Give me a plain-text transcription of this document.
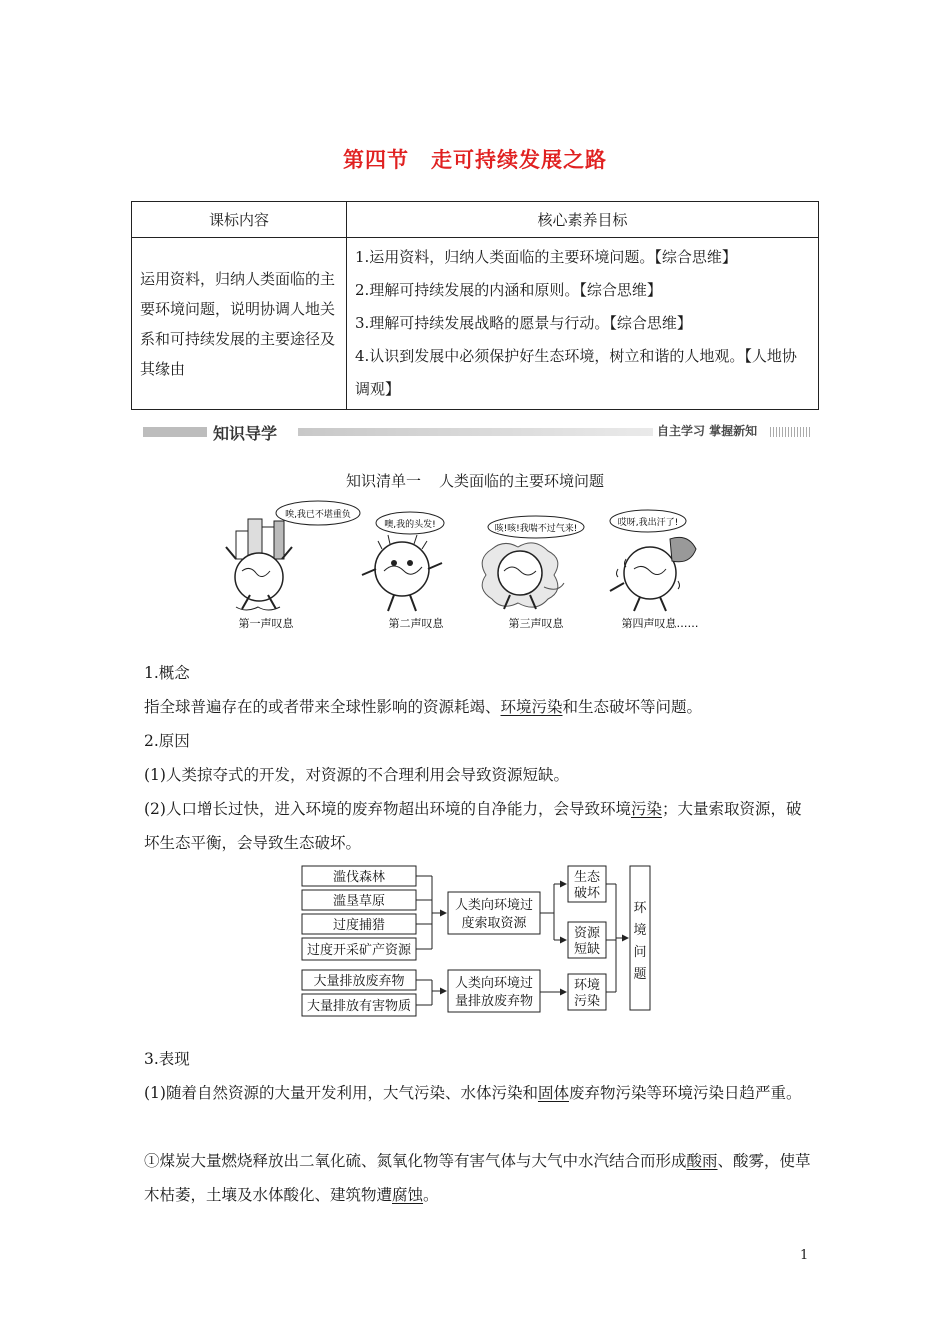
第四节 走可持续发展之路
课标内容	核心素养目标
运用资料，归纳人类面临的主要环境问题，说明协调人地关系和可持续发展的主要途径及其缘由	1.运用资料，归纳人类面临的主要环境问题。【综合思维】
2.理解可持续发展的内涵和原则。【综合思维】
3.理解可持续发展战略的愿景与行动。【综合思维】
4.认识到发展中必须保护好生态环境，树立和谐的人地观。【人地协调观】
知识导学	自主学习 掌握新知
知识清单一 人类面临的主要环境问题
唉,我已不堪重负
第一声叹息
噢,我的头发!
第二声叹息
咳!咳!我喘不过气来!
第三声叹息
哎呀,我出汗了!
第四声叹息……
1.概念
指全球普遍存在的或者带来全球性影响的资源耗竭、环境污染和生态破坏等问题。
2.原因
(1)人类掠夺式的开发，对资源的不合理利用会导致资源短缺。
(2)人口增长过快，进入环境的废弃物超出环境的自净能力，会导致环境污染；大量索取资源，破坏生态平衡，会导致生态破坏。
滥伐森林
滥垦草原
过度捕猎
过度开采矿产资源
大量排放废弃物
大量排放有害物质
人类向环境过
度索取资源
人类向环境过
量排放废弃物
生态
破坏
资源
短缺
环境
污染
环
境
问
题
3.表现
(1)随着自然资源的大量开发利用，大气污染、水体污染和固体废弃物污染等环境污染日趋严重。
①煤炭大量燃烧释放出二氧化硫、氮氧化物等有害气体与大气中水汽结合而形成酸雨、酸雾，使草木枯萎，土壤及水体酸化、建筑物遭腐蚀。
1
